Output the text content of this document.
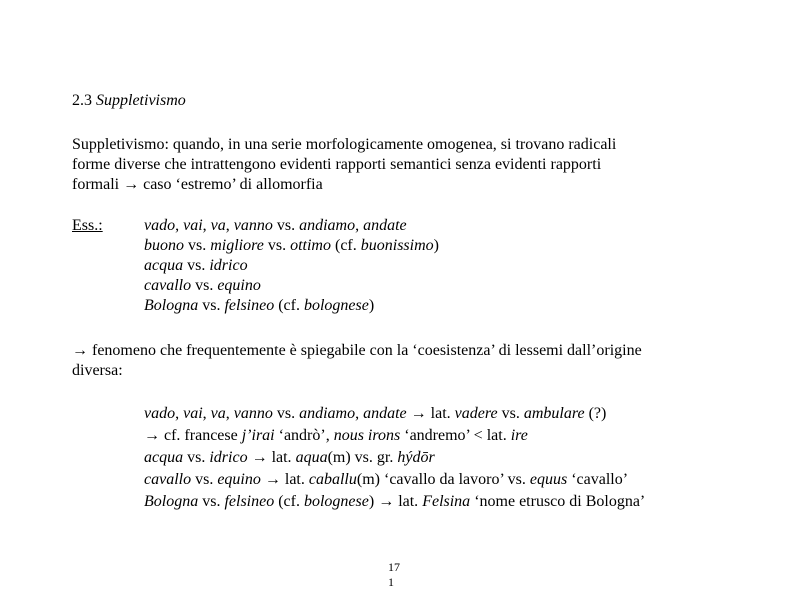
2.3 Suppletivismo
Suppletivismo: quando, in una serie morfologicamente omogenea, si trovano radicali
forme diverse che intrattengono evidenti rapporti semantici senza evidenti rapporti
formali → caso ‘estremo’ di allomorfia
Ess.:	vado, vai, va, vanno vs. andiamo, andate
buono vs. migliore vs. ottimo (cf. buonissimo)
acqua vs. idrico
cavallo vs. equino
Bologna vs. felsineo (cf. bolognese)
→ fenomeno che frequentemente è spiegabile con la ‘coesistenza’ di lessemi dall’origine
diversa:
vado, vai, va, vanno vs. andiamo, andate → lat. vadere vs. ambulare (?)
→ cf. francese j’irai ‘andrò’, nous irons ‘andremo’ < lat. ire
acqua vs. idrico → lat. aqua(m) vs. gr. hýdōr
cavallo vs. equino → lat. caballu(m) ‘cavallo da lavoro’ vs. equus ‘cavallo’
Bologna vs. felsineo (cf. bolognese) → lat. Felsina ‘nome etrusco di Bologna’
17
1
